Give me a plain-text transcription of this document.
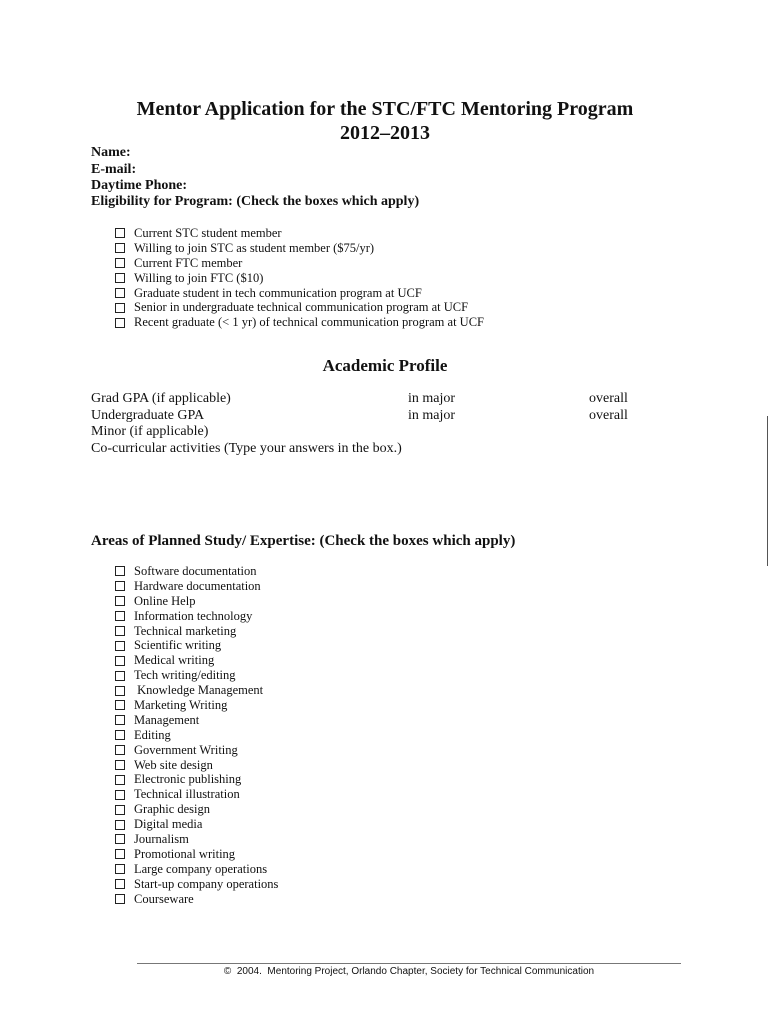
Mentor Application for the STC/FTC Mentoring Program
2012–2013
Name:
E-mail:
Daytime Phone:
Eligibility for Program: (Check the boxes which apply)
Current STC student member
Willing to join STC as student member ($75/yr)
Current FTC member
Willing to join FTC ($10)
Graduate student in tech communication program at UCF
Senior in undergraduate technical communication program at UCF
Recent graduate (< 1 yr) of technical communication program at UCF
Academic Profile
Grad GPA (if applicable)	in major	overall
Undergraduate GPA	in major	overall
Minor (if applicable)
Co-curricular activities (Type your answers in the box.)
Areas of Planned Study/ Expertise: (Check the boxes which apply)
Software documentation
Hardware documentation
Online Help
Information technology
Technical marketing
Scientific writing
Medical writing
Tech writing/editing
Knowledge Management
Marketing Writing
Management
Editing
Government Writing
Web site design
Electronic publishing
Technical illustration
Graphic design
Digital media
Journalism
Promotional writing
Large company operations
Start-up company operations
Courseware
©  2004.  Mentoring Project, Orlando Chapter, Society for Technical Communication
